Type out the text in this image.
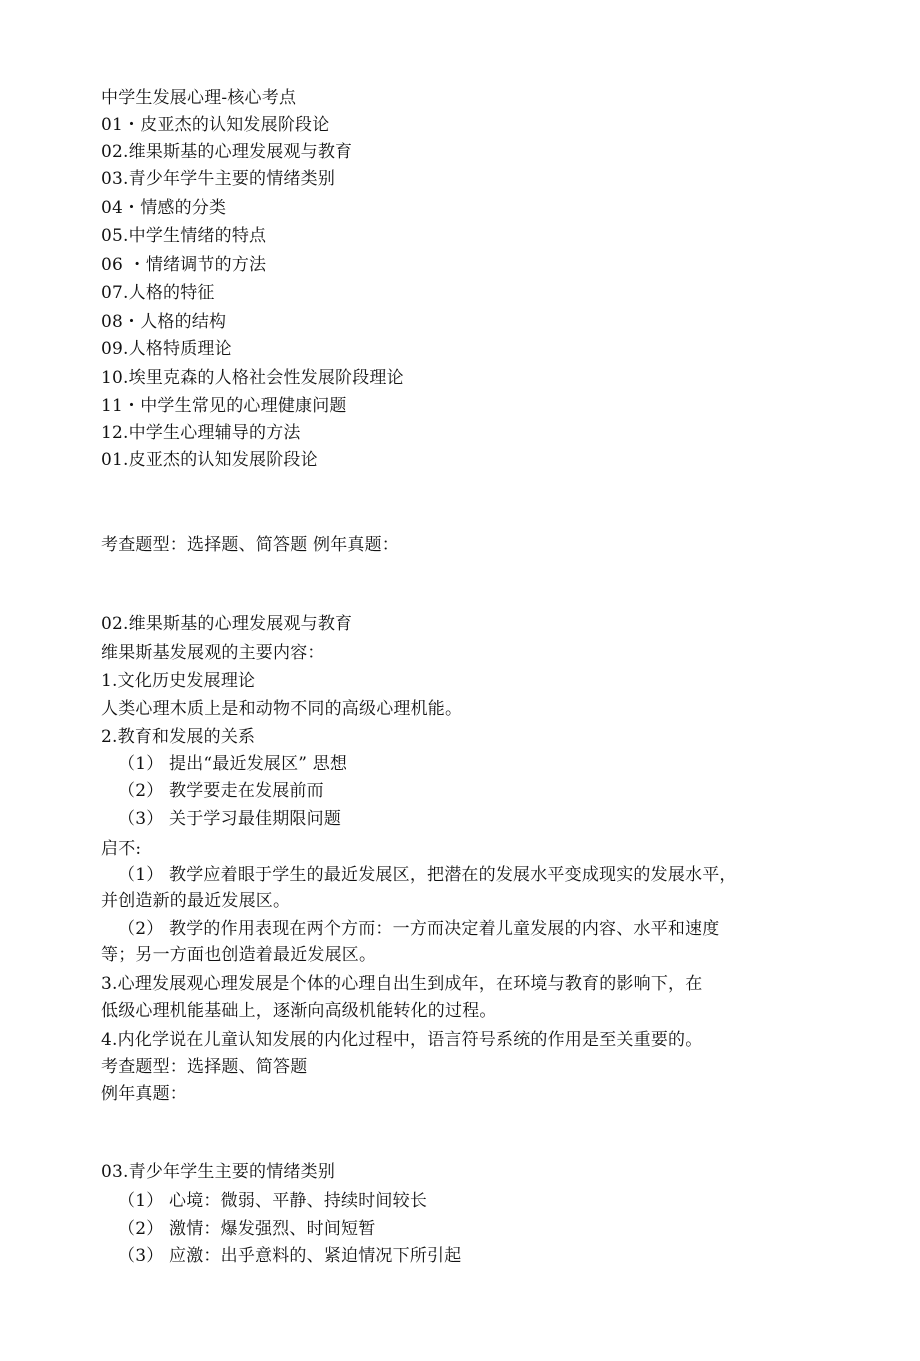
中学生发展心理-核心考点
01・皮亚杰的认知发展阶段论
02.维果斯基的心理发展观与教育
03.青少年学牛主要的情绪类别
04・情感的分类
05.中学生情绪的特点
06 ・情绪调节的方法
07.人格的特征
08・人格的结构
09.人格特质理论
10.埃里克森的人格社会性发展阶段理论
11・中学生常见的心理健康问题
12.中学生心理辅导的方法
01.皮亚杰的认知发展阶段论
考查题型：选择题、简答题 例年真题：
02.维果斯基的心理发展观与教育
维果斯基发展观的主要内容：
1.文化历史发展理论
人类心理木质上是和动物不同的高级心理机能。
2.教育和发展的关系
（1） 提出“最近发展区” 思想
（2） 教学要走在发展前而
（3） 关于学习最佳期限问题
启不:
（1） 教学应着眼于学生的最近发展区，把潜在的发展水平变成现实的发展水平，
并创造新的最近发展区。
（2） 教学的作用表现在两个方而：一方而决定着儿童发展的内容、水平和速度
等；另一方面也创造着最近发展区。
3.心理发展观心理发展是个体的心理自出生到成年，在环境与教育的影响下，在
低级心理机能基础上，逐渐向高级机能转化的过程。
4.内化学说在儿童认知发展的内化过程中，语言符号系统的作用是至关重要的。
考查题型：选择题、简答题
例年真题：
03.青少年学生主要的情绪类别
（1） 心境：微弱、平静、持续时间较长
（2） 激情：爆发强烈、时间短暂
（3） 应激：出乎意料的、紧迫情况下所引起
